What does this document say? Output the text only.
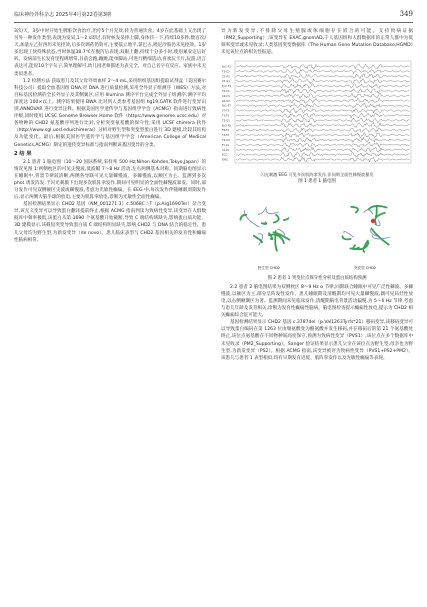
临床神经外科杂志 2025年4月第22卷第3期	349

3次/天。3岁中时开始生脾脏饮食治疗,治疗5个月无效,转为普通饮食。4岁在此基础上又出现了另外一种发作类型,表现为发呆,1～2 s即过,有时候发呆摔上脚,身体抖一下,持续10多秒,数百次/天,加量左乙拉西坦未见控效,后多次调药仍效可,主要依立地平,氯巴占,唑尼沙胺仍未见控效。1岁多出现工伙特殊状态,当时体温38.7℃在腹泻后表现,双眼上翻,持续十分多小时,使用氟安定后好转。发病前生长发育里程碑增常,目前会跑,蹦跳,能单脚站,可进行精细活动,喜欢玩卡片,玩游,语言表达可,能说10个字句子,简单理解可,幼儿园老师描述为表完全。对自己名字有反应。家族中未无类似患者。

1.2 检测方法 获取患儿及其父母外周血样 2～4 mL,采用组织基因组提取试剂盒（美国赛尔科技公司）提取全血基因组 DNA,对 DNA 进行质量检测,采用全外显子组测序（WES）方法,对目标基因检测的全长外显子及其侧翼区,应用 Illumina 测序平台完成全外显子组测序,测序平均深度达 100×以上。测序结果使用 BWA 比对到人类参考基因组 hg19,GATK 软件进行变异识别,ANNOVAR 进行变异注释。根据美国医学遗传学与基因组学学会（ACMG）指南进行致病性评级,同时使用 UCSC Genome Browser Home 软件（https://www.genome.ucsc.edu）对各物种的 CHD2 氨基酸序列进行比对,分析突变氨基酸的保守性;采用 UCSF chimera 软件（http://www.cgl.ucsf.edu/chimera/）分析对野生型和突变型蛋白进行 3D 建模,比较其结构及功能变化。最后,根据美国医学遗传学与基因组学学会（American College of Medical Genetics,ACMG）制定的遗传变异标准与指南判断该基因变异的分类。

2 结 果

2.1 患者 1 脑电图（10～20 国际系统,采样率 500 Hz;Nihon Kohden,Tokyo,Japan）的情况见图 1:两侧枕区的可见尖慢波,低波幅 7～8 Hz 活动,左右两侧基本对称。同期脑电图显示在睡眠中,背景节律较清晰,两侧各导联可见大量棘慢波、多棘慢波,以额区为主。监测到多次 phot 诱发阵发,于闪光刺激下出现多次肌阵挛发作,期间可见明显的全面性棘慢波暴发。同时,部分发作可见双侧额区尖波或棘慢波,考虑为光敏性癫痫。在 EEG 中,每次发作伴随睡眠周期发作后,显示两侧大脑半球的放电,主要为肌阵挛放电,诊断为光敏性全面性癫痫。

基因检测结果显示 CHD2 基因（NM_001271.3）c.5068C＞T（p.Arg1690Ter）杂合变异,该无义变异可以导致蛋白翻译提前终止,根据 ACMG 指南判读为致病性变异,该变异在人群数据库中频率极低,该蛋白从第 1690 个氨基酸开始截断,导致 C 端结构域缺失,影响蛋白质功能。3D 建模显示,该截短突变导致蛋白质 C 端结构明显缺失,影响 CHD2 与 DNA 结合的稳定性。患儿父母均为野生型,为新发变异（de novo）。患儿临床表型与 CHD2 基因相关的发育性和癫痫性脑病相符。

异为新发变异,不排除父母生殖腺或体细胞存在嵌合的可能。支持致病证据（PM2_Supporting）;该变异在 EXAC,gnomAD,千人基因组和人群数据库的正常人群中为低频率变异或未见收录;人类基因突变数据库（The Human Gene Mutation Database,HGMD）未见该位点的相关性报道。

Fp1-F3
F3-C3
C3-P3
P3-O1
Fp2-F4
F4-C4
C4-P4
P4-O2
Fp1-F7
F7-T3
T3-T5
T5-O1
Fp2-F8
F8-T4
T4-T6
T6-O2
Fz-Cz
Cz-Pz
ECG
EMG
闪光刺激 EEG 可见多次肌阵挛发作,伴同期全面性棘慢波暴发
图 1 患者 1 脑电图
野生型 CHD2	突变型 CHD2
图 2 患者 1 突变位点保守性分析及蛋白质结构预测

2.2 患者 2 脑电图结果为双侧枕区 8～9 Hz α 节律,同期联合睡眠中可见广泛性棘波、多棘慢波,以额区为主,部分呈阵发性发作。患儿睡眠期及清醒期均可见大量棘慢波,偶可见局灶性放电,以右侧额颞区为著。监测期间未见临床发作,清醒期脑电背景活动偏慢,为 5～6 Hz 节律,考虑与患儿年龄及发育相关,诊断为发育性癫痫性脑病。脑电图检查提示癫痫性放电,提示为 CHD2 相关癫痫综合征可能大。

基因检测结果显示 CHD2 基因 c.3787del（p.Val1263Tyrfs*21）移码变异,该移码变异可以导致蛋白编码在第 1263 位由缬氨酸变为酪氨酸并发生移码,并在移码后的第 21 个氨基酸处终止,该位点氨基酸在不同物种间高度保守,预测为致病性变异（PVS1）,该位点在多个数据库中未见收录（PM2_Supporting）。Sanger 验证结果显示患儿父亲在该位点为野生型,母亲也为野生型,为新发变异（PS2）。根据 ACMG 指南,该变异被评为致病性变异（PVS1+PS2+PM2）。该患儿与患者 1 表型相似,均有早期发育迟缓、肌阵挛发作以及光敏性癫痫等表现。
